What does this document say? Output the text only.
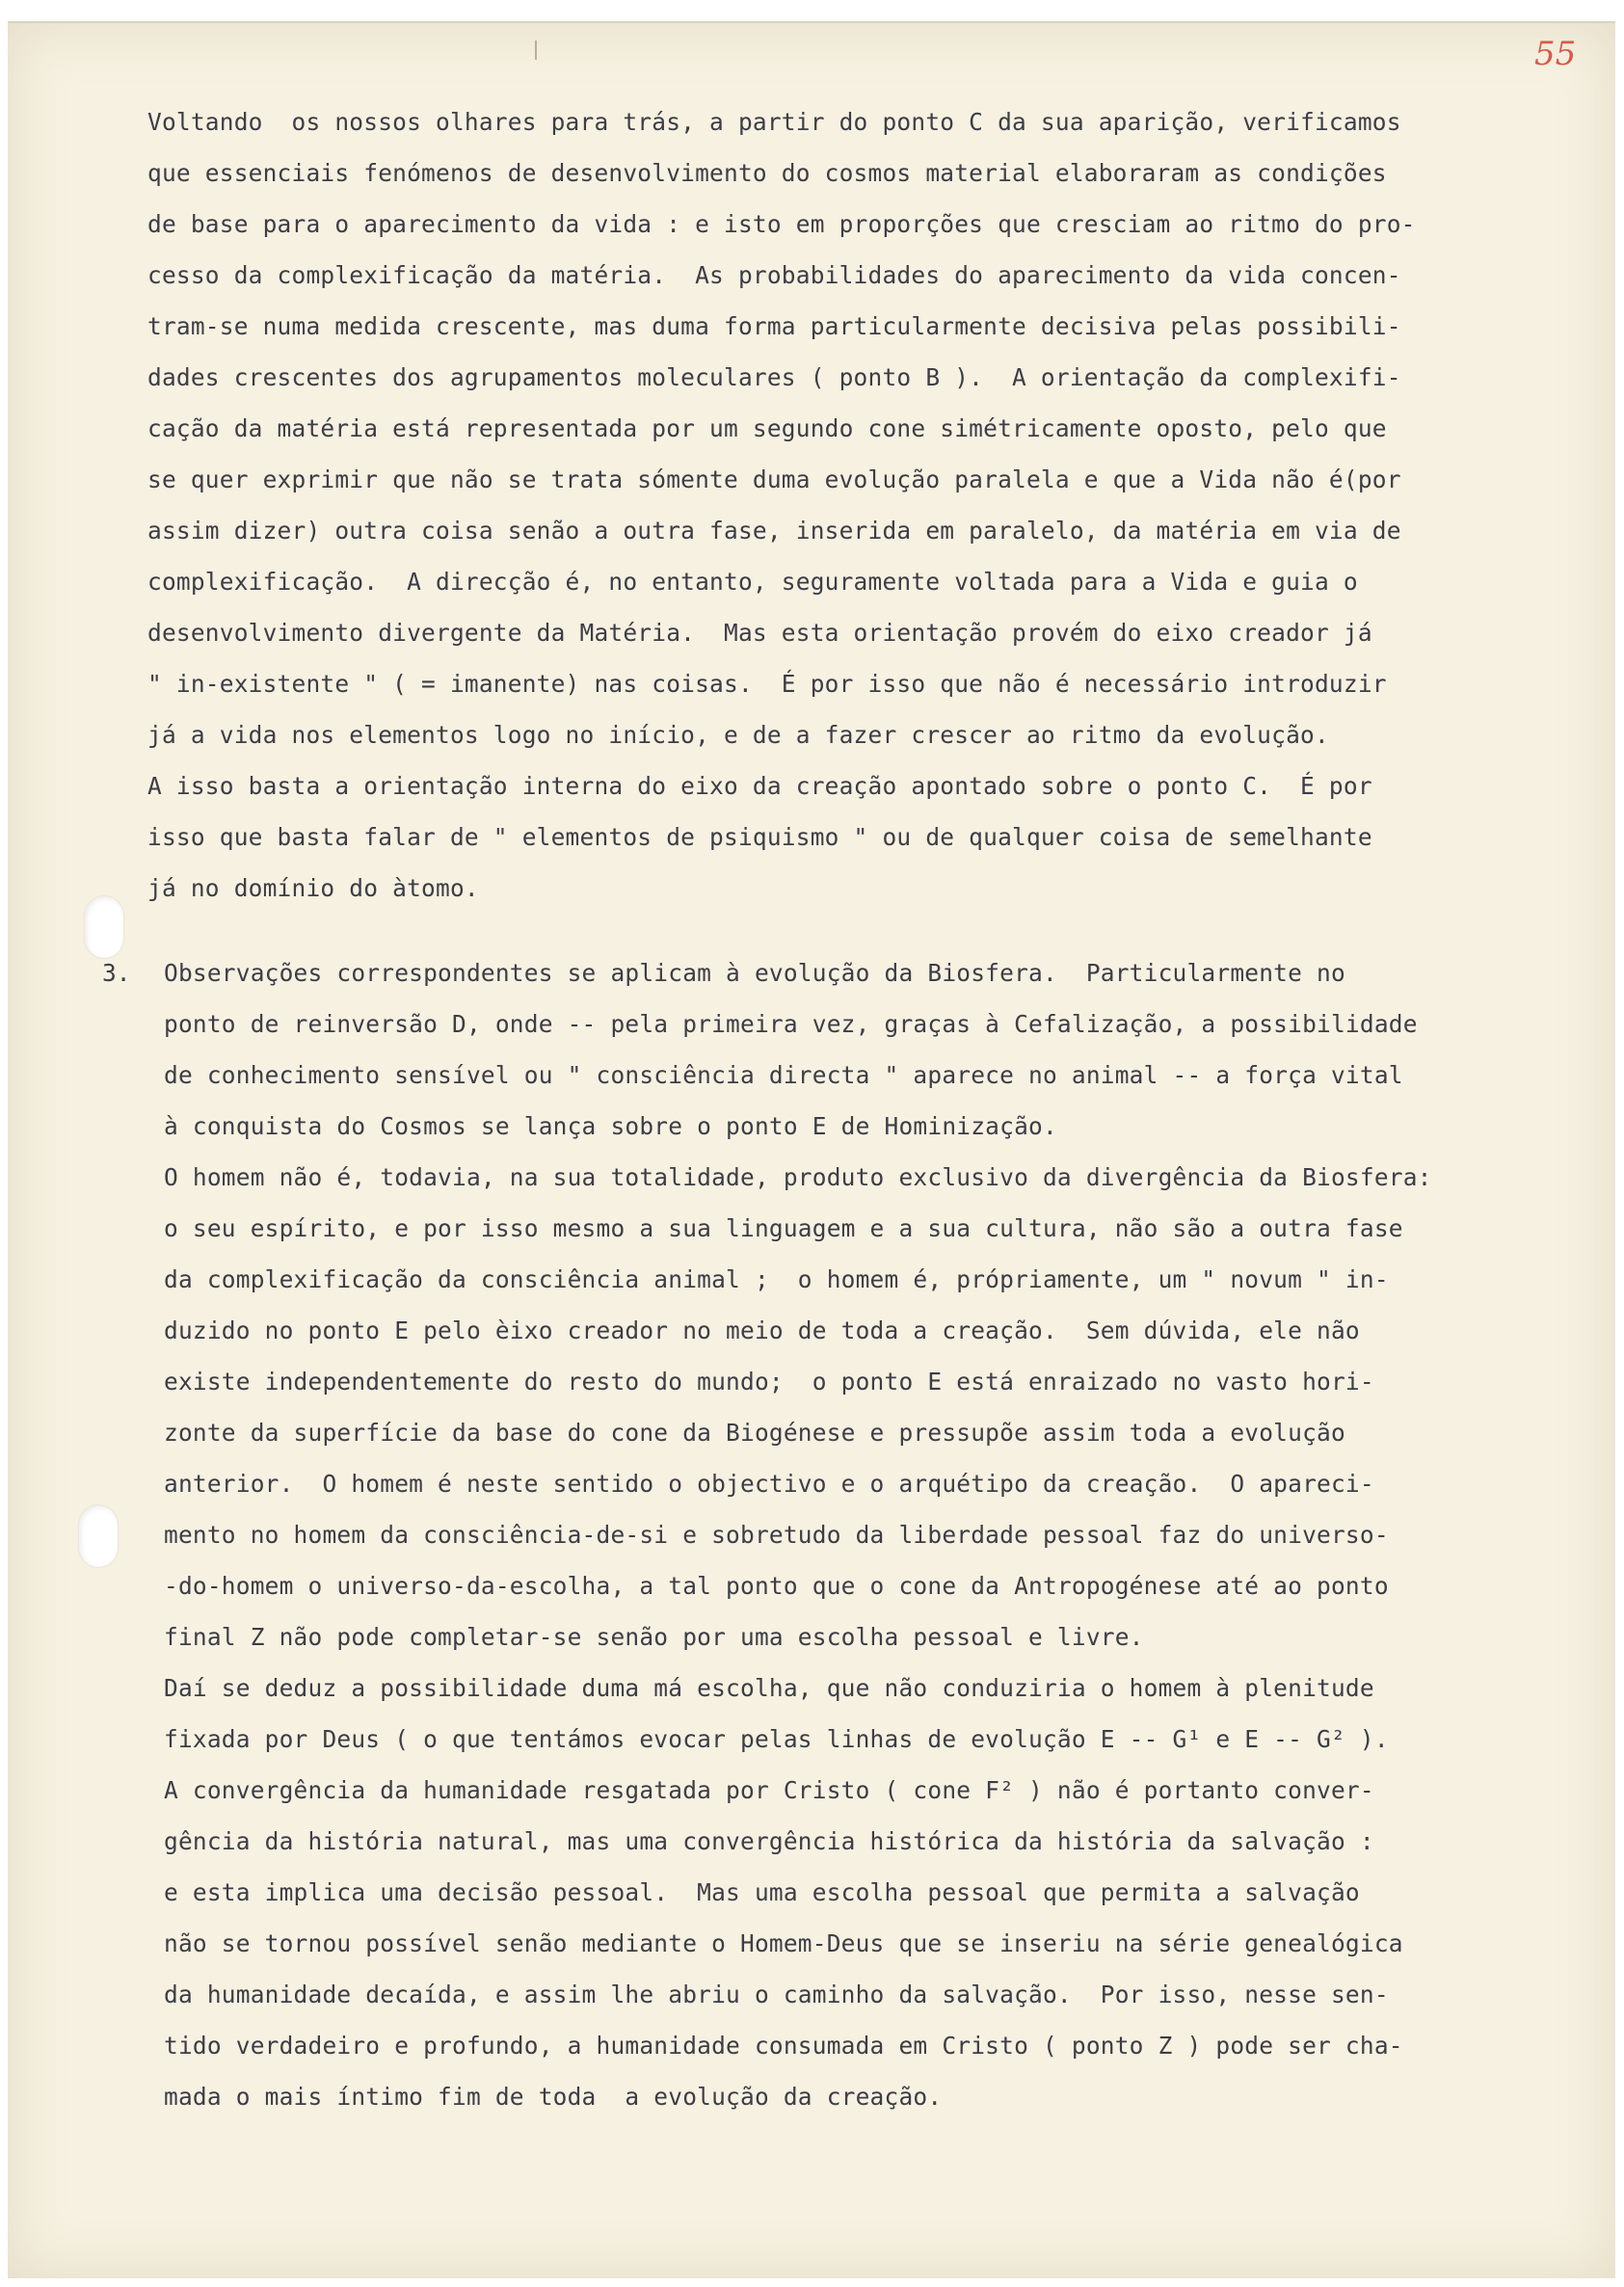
55
Voltando  os nossos olhares para trás, a partir do ponto C da sua aparição, verificamos
que essenciais fenómenos de desenvolvimento do cosmos material elaboraram as condições
de base para o aparecimento da vida : e isto em proporções que cresciam ao ritmo do pro-
cesso da complexificação da matéria.  As probabilidades do aparecimento da vida concen-
tram-se numa medida crescente, mas duma forma particularmente decisiva pelas possibili-
dades crescentes dos agrupamentos moleculares ( ponto B ).  A orientação da complexifi-
cação da matéria está representada por um segundo cone simétricamente oposto, pelo que
se quer exprimir que não se trata sómente duma evolução paralela e que a Vida não é(por
assim dizer) outra coisa senão a outra fase, inserida em paralelo, da matéria em via de
complexificação.  A direcção é, no entanto, seguramente voltada para a Vida e guia o
desenvolvimento divergente da Matéria.  Mas esta orientação provém do eixo creador já
" in-existente " ( = imanente) nas coisas.  É por isso que não é necessário introduzir
já a vida nos elementos logo no início, e de a fazer crescer ao ritmo da evolução.
A isso basta a orientação interna do eixo da creação apontado sobre o ponto C.  É por
isso que basta falar de " elementos de psiquismo " ou de qualquer coisa de semelhante
já no domínio do àtomo.
3. Observações correspondentes se aplicam à evolução da Biosfera.  Particularmente no
ponto de reinversão D, onde -- pela primeira vez, graças à Cefalização, a possibilidade
de conhecimento sensível ou " consciência directa " aparece no animal -- a força vital
à conquista do Cosmos se lança sobre o ponto E de Hominização.
O homem não é, todavia, na sua totalidade, produto exclusivo da divergência da Biosfera:
o seu espírito, e por isso mesmo a sua linguagem e a sua cultura, não são a outra fase
da complexificação da consciência animal ;  o homem é, própriamente, um " novum " in-
duzido no ponto E pelo èixo creador no meio de toda a creação.  Sem dúvida, ele não
existe independentemente do resto do mundo;  o ponto E está enraizado no vasto hori-
zonte da superfície da base do cone da Biogénese e pressupõe assim toda a evolução
anterior.  O homem é neste sentido o objectivo e o arquétipo da creação.  O apareci-
mento no homem da consciência-de-si e sobretudo da liberdade pessoal faz do universo-
-do-homem o universo-da-escolha, a tal ponto que o cone da Antropogénese até ao ponto
final Z não pode completar-se senão por uma escolha pessoal e livre.
Daí se deduz a possibilidade duma má escolha, que não conduziria o homem à plenitude
fixada por Deus ( o que tentámos evocar pelas linhas de evolução E -- G¹ e E -- G² ).
A convergência da humanidade resgatada por Cristo ( cone F² ) não é portanto conver-
gência da história natural, mas uma convergência histórica da história da salvação :
e esta implica uma decisão pessoal.  Mas uma escolha pessoal que permita a salvação
não se tornou possível senão mediante o Homem-Deus que se inseriu na série genealógica
da humanidade decaída, e assim lhe abriu o caminho da salvação.  Por isso, nesse sen-
tido verdadeiro e profundo, a humanidade consumada em Cristo ( ponto Z ) pode ser cha-
mada o mais íntimo fim de toda  a evolução da creação.
